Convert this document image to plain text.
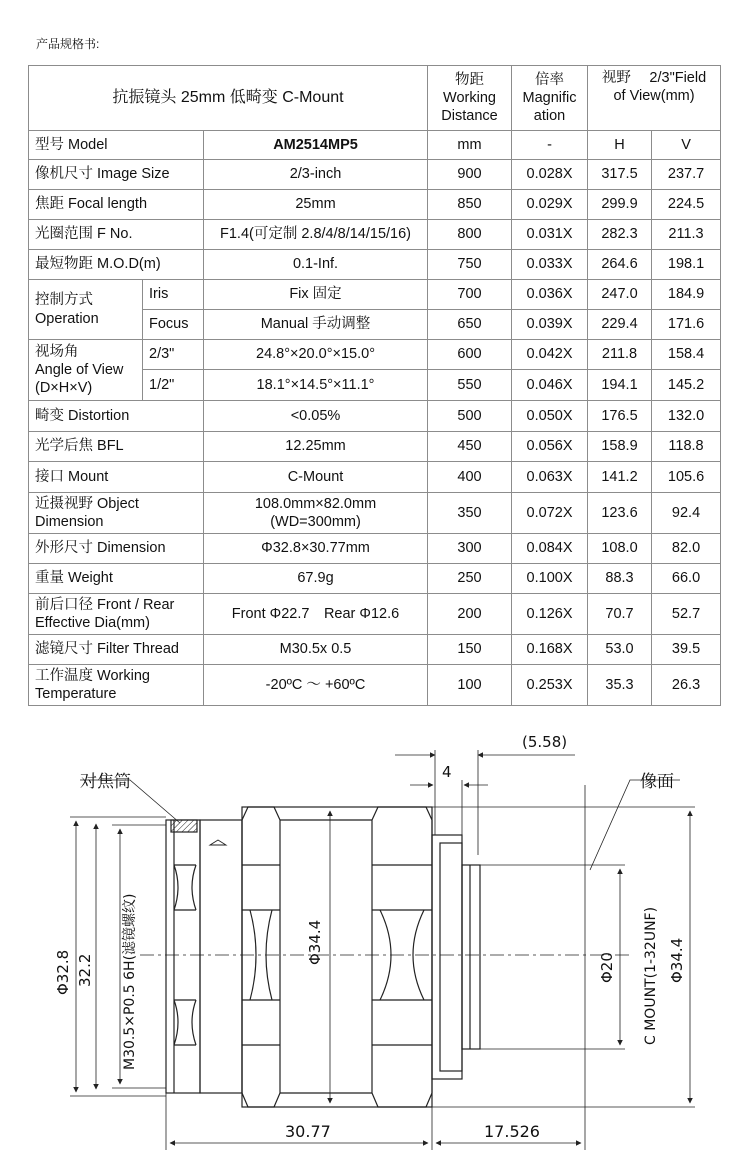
产品规格书:
抗振镜头 25mm 低畸变 C-Mount			物距
Working
Distance	倍率
Magnific
ation	视野　 2/3"Field
of View(mm)	

型号 Model		AM2514MP5	mm	-	H	V
像机尺寸 Image Size		2/3-inch	900	0.028X	317.5	237.7
焦距 Focal length		25mm	850	0.029X	299.9	224.5
光圈范围 F No.		F1.4(可定制 2.8/4/8/14/15/16)	800	0.031X	282.3	211.3
最短物距 M.O.D(m)		0.1-Inf.	750	0.033X	264.6	198.1
控制方式
Operation	Iris	Fix 固定	700	0.036X	247.0	184.9
	Focus	Manual 手动调整	650	0.039X	229.4	171.6
视场角
Angle of View
(D×H×V)	2/3"	24.8°×20.0°×15.0°	600	0.042X	211.8	158.4
	1/2"	18.1°×14.5°×11.1°	550	0.046X	194.1	145.2
畸变 Distortion		<0.05%	500	0.050X	176.5	132.0
光学后焦 BFL		12.25mm	450	0.056X	158.9	118.8
接口 Mount		C-Mount	400	0.063X	141.2	105.6
近摄视野 Object
Dimension		108.0mm×82.0mm
(WD=300mm)	350	0.072X	123.6	92.4
外形尺寸 Dimension		Φ32.8×30.77mm	300	0.084X	108.0	82.0
重量 Weight		67.9g	250	0.100X	88.3	66.0
前后口径 Front / Rear
Effective Dia(mm)		Front Φ22.7　Rear Φ12.6	200	0.126X	70.7	52.7
滤镜尺寸 Filter Thread		M30.5x 0.5	150	0.168X	53.0	39.5
工作温度 Working
Temperature		-20ºC ～ +60ºC	100	0.253X	35.3	26.3
对焦筒	像面
(5.58)
4
30.77	17.526
Φ32.8 32.2 M30.5×P0.5 6H(滤镜螺纹)	Φ34.4
Φ20 C MOUNT(1-32UNF) Φ34.4
